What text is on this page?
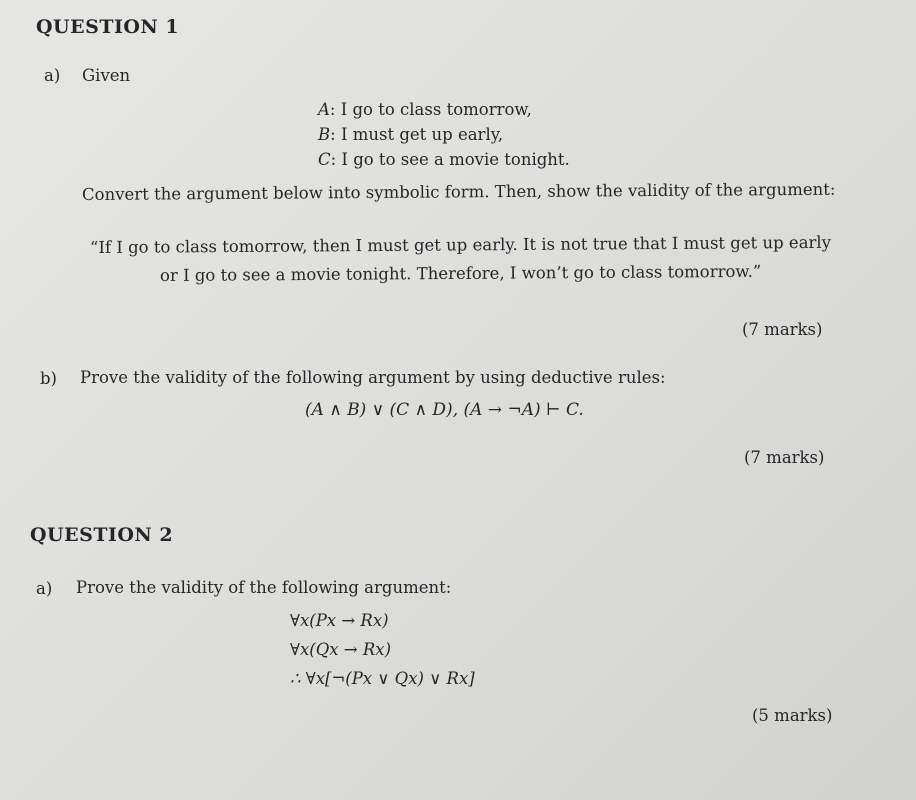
QUESTION 1
a) Given
A: I go to class tomorrow,
B: I must get up early,
C: I go to see a movie tonight.
Convert the argument below into symbolic form. Then, show the validity of the argument:
“If I go to class tomorrow, then I must get up early. It is not true that I must get up early
or I go to see a movie tonight. Therefore, I won’t go to class tomorrow.”
(7 marks)
b) Prove the validity of the following argument by using deductive rules:
(A ∧ B) ∨ (C ∧ D), (A → ¬A) ⊢ C.
(7 marks)
QUESTION 2
a) Prove the validity of the following argument:
∀x(Px → Rx)
∀x(Qx → Rx)
∴ ∀x[¬(Px ∨ Qx) ∨ Rx]
(5 marks)
